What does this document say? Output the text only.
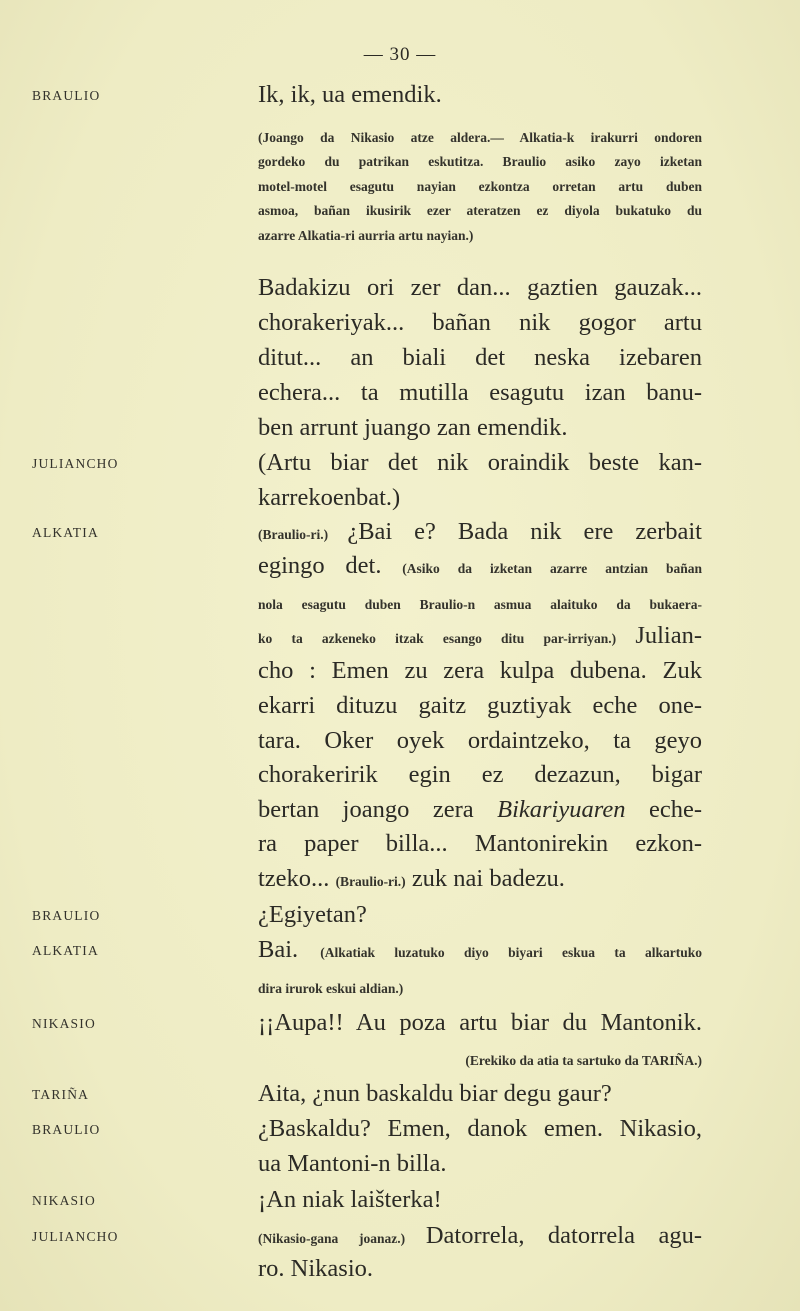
— 30 —
BRAULIO	Ik, ik, ua emendik.
(Joango da Nikasio atze aldera.— Alkatia-k irakurri ondoren
gordeko du patrikan eskutitza. Braulio asiko zayo izketan
motel-motel esagutu nayian ezkontza orretan artu duben
asmoa, bañan ikusirik ezer ateratzen ez diyola bukatuko du
azarre Alkatia-ri aurria artu nayian.)
Badakizu ori zer dan... gaztien gauzak...
chorakeriyak... bañan nik gogor artu
ditut... an biali det neska izebaren
echera... ta mutilla esagutu izan banu-
ben arrunt juango zan emendik.
JULIANCHO	(Artu biar det nik oraindik beste kan-
karrekoenbat.)
ALKATIA	(Braulio-ri.) ¿Bai e? Bada nik ere zerbait
egingo det. (Asiko da izketan azarre antzian bañan
nola esagutu duben Braulio-n asmua alaituko da bukaera-
ko ta azkeneko itzak esango ditu par-irriyan.) Julian-
cho : Emen zu zera kulpa dubena. Zuk
ekarri dituzu gaitz guztiyak eche one-
tara. Oker oyek ordaintzeko, ta geyo
chorakeririk egin ez dezazun, bigar
bertan joango zera Bikariyuaren eche-
ra paper billa... Mantonirekin ezkon-
tzeko... (Braulio-ri.) zuk nai badezu.
BRAULIO	¿Egiyetan?
ALKATIA	Bai. (Alkatiak luzatuko diyo biyari eskua ta alkartuko
dira irurok eskui aldian.)
NIKASIO	¡¡Aupa!! Au poza artu biar du Mantonik.
(Erekiko da atia ta sartuko da TARIÑA.)
TARIÑA	Aita, ¿nun baskaldu biar degu gaur?
BRAULIO	¿Baskaldu? Emen, danok emen. Nikasio,
ua Mantoni-n billa.
NIKASIO	¡An niak laišterka!
JULIANCHO	(Nikasio-gana joanaz.) Datorrela, datorrela agu-
ro. Nikasio.
